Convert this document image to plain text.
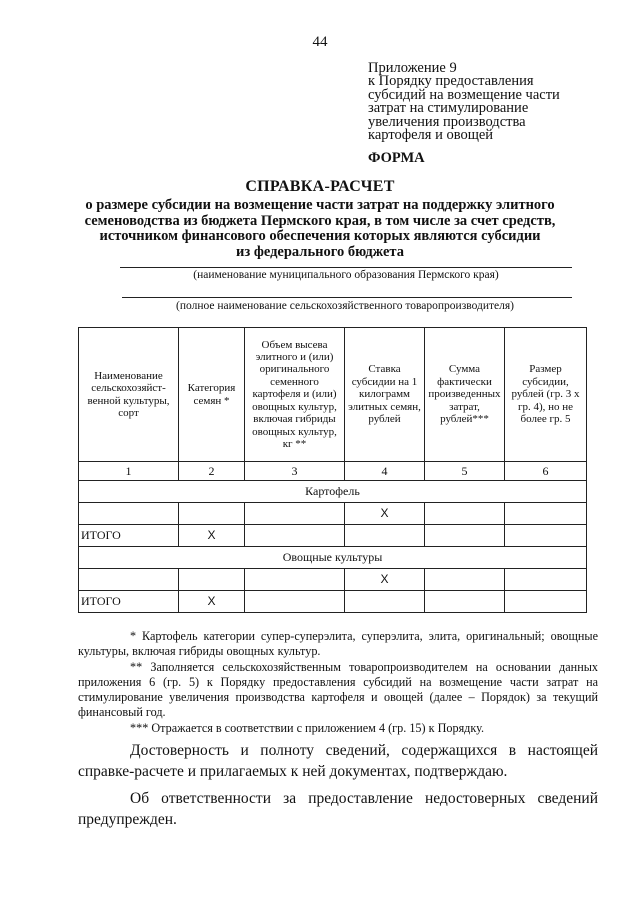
44
Приложение 9
к Порядку предоставления
субсидий на возмещение части
затрат на стимулирование
увеличения производства
картофеля и овощей
ФОРМА
СПРАВКА-РАСЧЕТ
о размере субсидии на возмещение части затрат на поддержку элитного
семеноводства из бюджета Пермского края, в том числе за счет средств,
источником финансового обеспечения которых являются субсидии
из федерального бюджета
(наименование муниципального образования Пермского края)
(полное наименование сельскохозяйственного товаропроизводителя)
Наименование сельскохозяйст-венной культуры, сорт	Категория семян *	Объем высева элитного и (или) оригинального семенного картофеля и (или) овощных культур, включая гибриды овощных культур, кг **	Ставка субсидии на 1 килограмм элитных семян, рублей	Сумма фактически произведенных затрат, рублей***	Размер субсидии, рублей (гр. 3 x гр. 4), но не более гр. 5
1	2	3	4	5	6
Картофель					
			X		
ИТОГО	X				
Овощные культуры					
			X		
ИТОГО	X				

* Картофель категории супер-суперэлита, суперэлита, элита, оригинальный; овощные культуры, включая гибриды овощных культур.

** Заполняется сельскохозяйственным товаропроизводителем на основании данных приложения 6 (гр. 5) к Порядку предоставления субсидий на возмещение части затрат на стимулирование увеличения производства картофеля и овощей (далее – Порядок) за текущий финансовый год.

*** Отражается в соответствии с приложением 4 (гр. 15) к Порядку.

Достоверность и полноту сведений, содержащихся в настоящей справке-расчете и прилагаемых к ней документах, подтверждаю.

Об ответственности за предоставление недостоверных сведений предупрежден.
